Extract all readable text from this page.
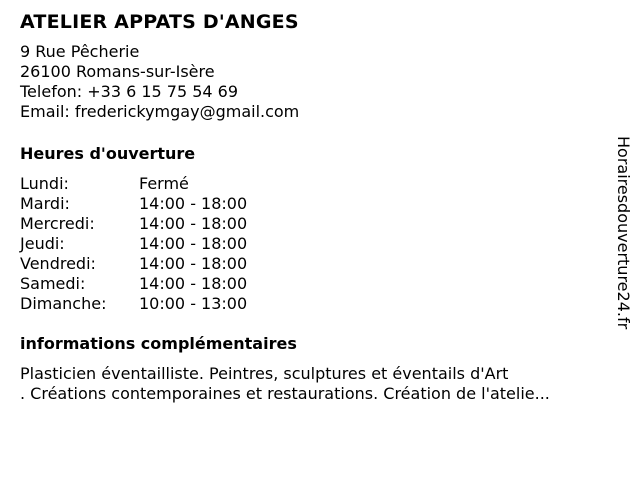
ATELIER APPATS D'ANGES
9 Rue Pêcherie
26100 Romans-sur-Isère
Telefon: +33 6 15 75 54 69
Email: frederickymgay@gmail.com
Heures d'ouverture
Lundi:	Fermé
Mardi:	14:00 - 18:00
Mercredi:	14:00 - 18:00
Jeudi:	14:00 - 18:00
Vendredi:	14:00 - 18:00
Samedi:	14:00 - 18:00
Dimanche:	10:00 - 13:00
informations complémentaires
Plasticien éventailliste. Peintres, sculptures et éventails d'Art
. Créations contemporaines et restaurations. Création de l'atelie...
Horairesdouverture24.fr
